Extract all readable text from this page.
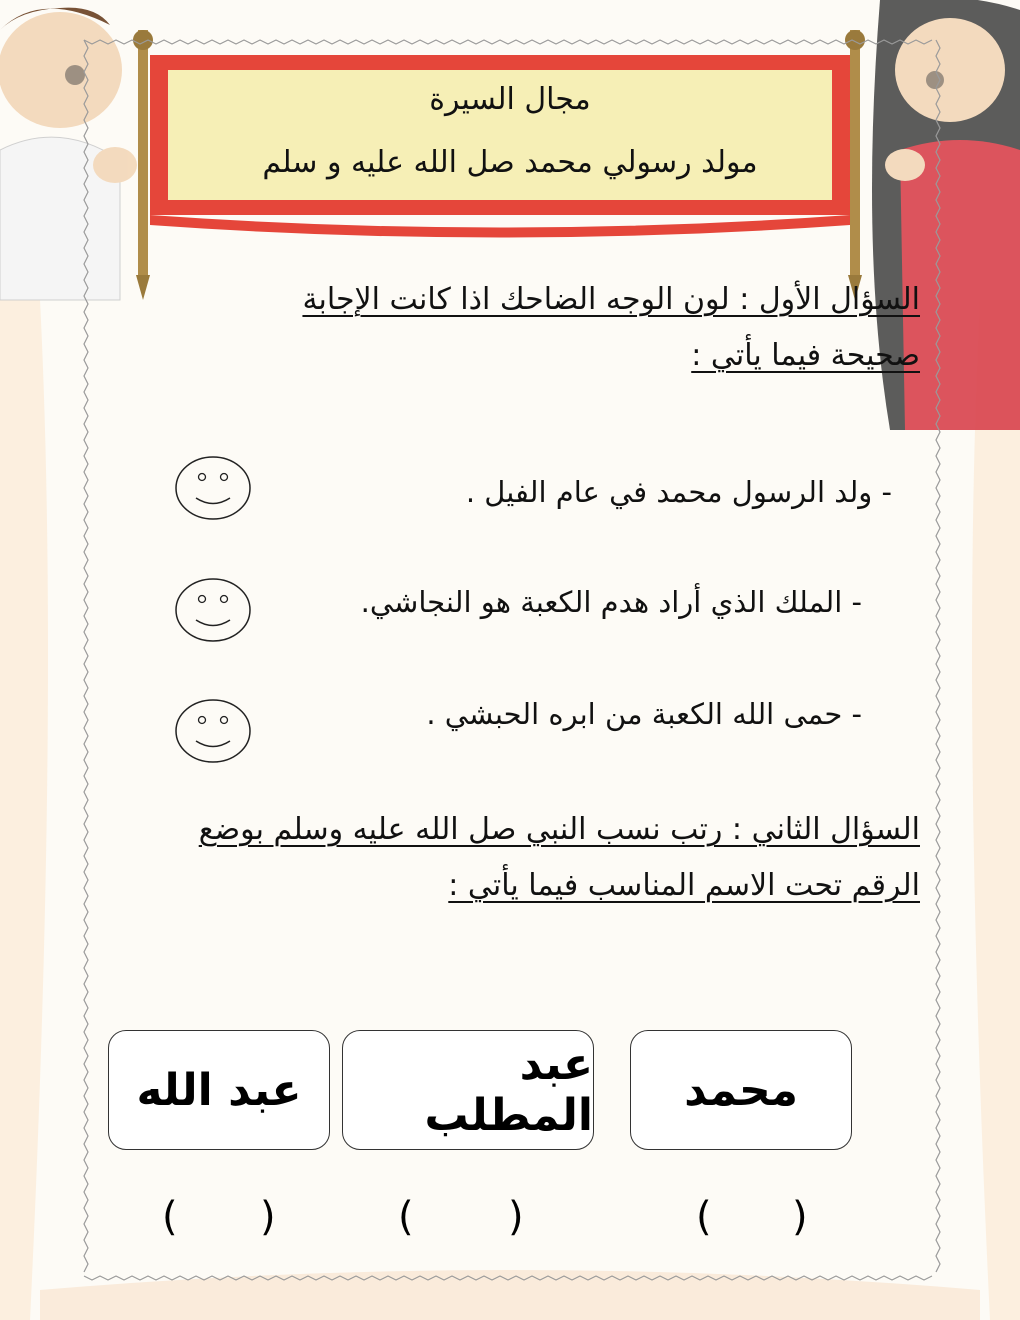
مجال السيرة
مولد رسولي محمد صل الله عليه و سلم
السؤال الأول : لون الوجه الضاحك اذا كانت الإجابة
صحيحة فيما يأتي :
- ولد الرسول محمد في عام الفيل .
- الملك الذي أراد هدم الكعبة هو النجاشي.
- حمى الله الكعبة من ابره الحبشي .
السؤال الثاني : رتب نسب النبي صل الله عليه وسلم بوضع
الرقم تحت الاسم المناسب فيما يأتي :
عبد الله	عبد المطلب	محمد
( )	( )	( )
